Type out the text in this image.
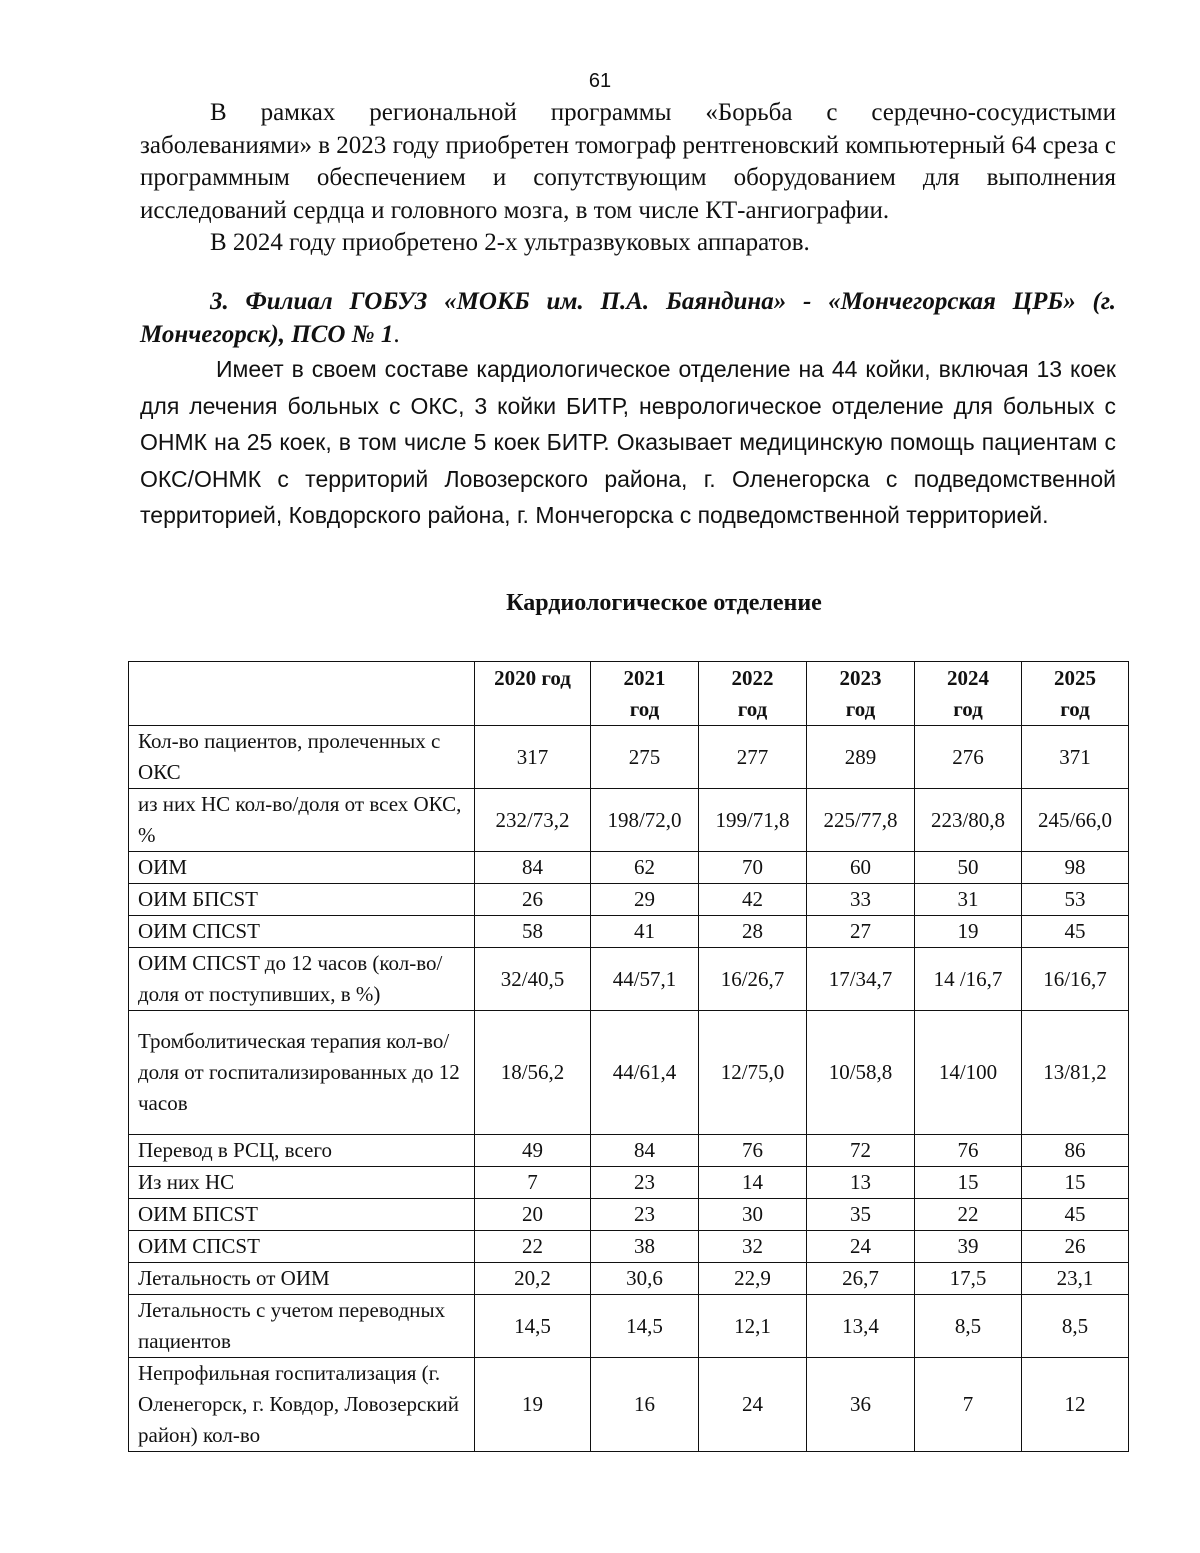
61

В рамках региональной программы «Борьба с сердечно-сосудистыми заболеваниями» в 2023 году приобретен томограф рентгеновский компьютерный 64 среза с программным обеспечением и сопутствующим оборудованием для выполнения исследований сердца и головного мозга, в том числе КТ-ангиографии.

В 2024 году приобретено 2-х ультразвуковых аппаратов.

3. Филиал ГОБУЗ «МОКБ им. П.А. Баяндина» - «Мончегорская ЦРБ» (г. Мончегорск), ПСО № 1.

Имеет в своем составе кардиологическое отделение на 44 койки, включая 13 коек для лечения больных с ОКС, 3 койки БИТР, неврологическое отделение для больных с ОНМК на 25 коек, в том числе 5 коек БИТР. Оказывает медицинскую помощь пациентам с ОКС/ОНМК с территорий Ловозерского района, г. Оленегорска с подведомственной территорией, Ковдорского района, г. Мончегорска с подведомственной территорией.

Кардиологическое отделение
	2020 год	2021 год	2022 год	2023 год	2024 год	2025 год
Кол-во пациентов, пролеченных с ОКС	317	275	277	289	276	371
из них НС кол-во/доля от всех ОКС, %	232/73,2	198/72,0	199/71,8	225/77,8	223/80,8	245/66,0
ОИМ	84	62	70	60	50	98
ОИМ БПСST	26	29	42	33	31	53
ОИМ СПСST	58	41	28	27	19	45
ОИМ СПСST до 12 часов (кол-во/доля от поступивших, в %)	32/40,5	44/57,1	16/26,7	17/34,7	14 /16,7	16/16,7
Тромболитическая терапия кол-во/доля от госпитализированных до 12 часов	18/56,2	44/61,4	12/75,0	10/58,8	14/100	13/81,2
Перевод в РСЦ, всего	49	84	76	72	76	86
Из них НС	7	23	14	13	15	15
ОИМ БПСST	20	23	30	35	22	45
ОИМ СПСST	22	38	32	24	39	26
Летальность от ОИМ	20,2	30,6	22,9	26,7	17,5	23,1
Летальность с учетом переводных пациентов	14,5	14,5	12,1	13,4	8,5	8,5
Непрофильная госпитализация (г. Оленегорск, г. Ковдор, Ловозерский район) кол-во	19	16	24	36	7	12
